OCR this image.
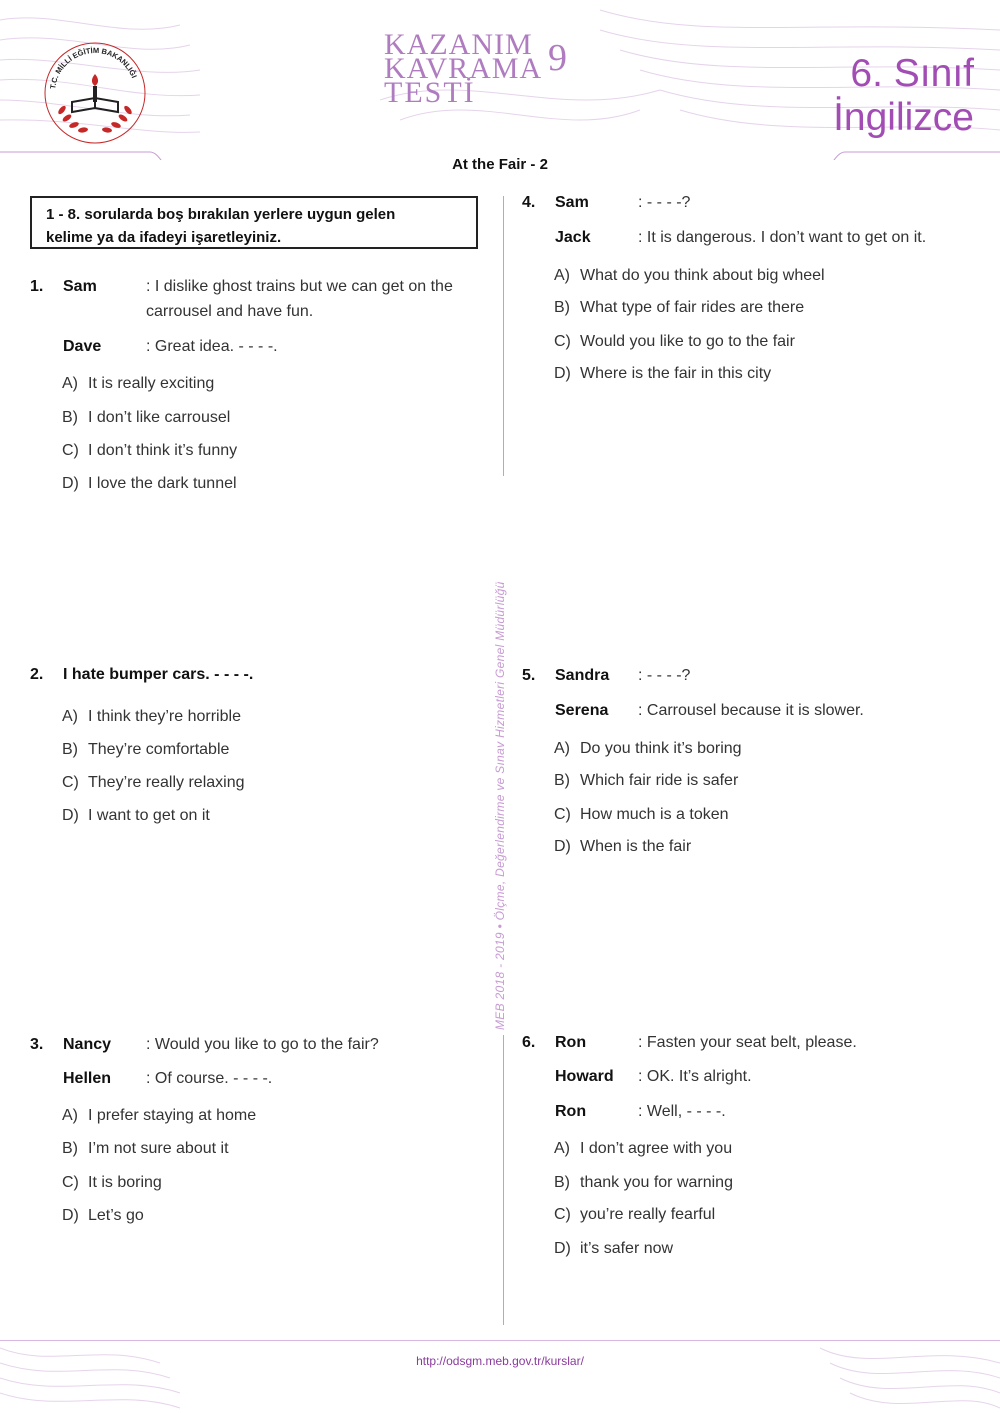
T.C. MİLLİ EĞİTİM BAKANLIĞI
KAZANIM
KAVRAMA
TESTİ
9	6. Sınıf
İngilizce
At the Fair - 2
1 - 8. sorularda boş bırakılan yerlere uygun gelen
kelime ya da ifadeyi işaretleyiniz.
MEB 2018 - 2019 • Ölçme, Değerlendirme ve Sınav Hizmetleri Genel Müdürlüğü
1. Sam	: I dislike ghost trains but we can get on the
carrousel and have fun.
Dave	: Great idea. - - - -.
A) It is really exciting
B) I don’t like carrousel
C) I don’t think it’s funny
D) I love the dark tunnel
2. I hate bumper cars. - - - -.
A) I think they’re horrible
B) They’re comfortable
C) They’re really relaxing
D) I want to get on it
3. Nancy : Would you like to go to the fair?
Hellen : Of course. - - - -.
A) I prefer staying at home
B) I’m not sure about it
C) It is boring
D) Let’s go
4. Sam	: - - - -?
Jack	: It is dangerous. I don’t want to get on it.
A) What do you think about big wheel
B) What type of fair rides are there
C) Would you like to go to the fair
D) Where is the fair in this city
5. Sandra : - - - -?
Serena : Carrousel because it is slower.
A) Do you think it’s boring
B) Which fair ride is safer
C) How much is a token
D) When is the fair
6. Ron	: Fasten your seat belt, please.
Howard : OK. It’s alright.
Ron	: Well, - - - -.
A) I don’t agree with you
B) thank you for warning
C) you’re really fearful
D) it’s safer now
http://odsgm.meb.gov.tr/kurslar/
